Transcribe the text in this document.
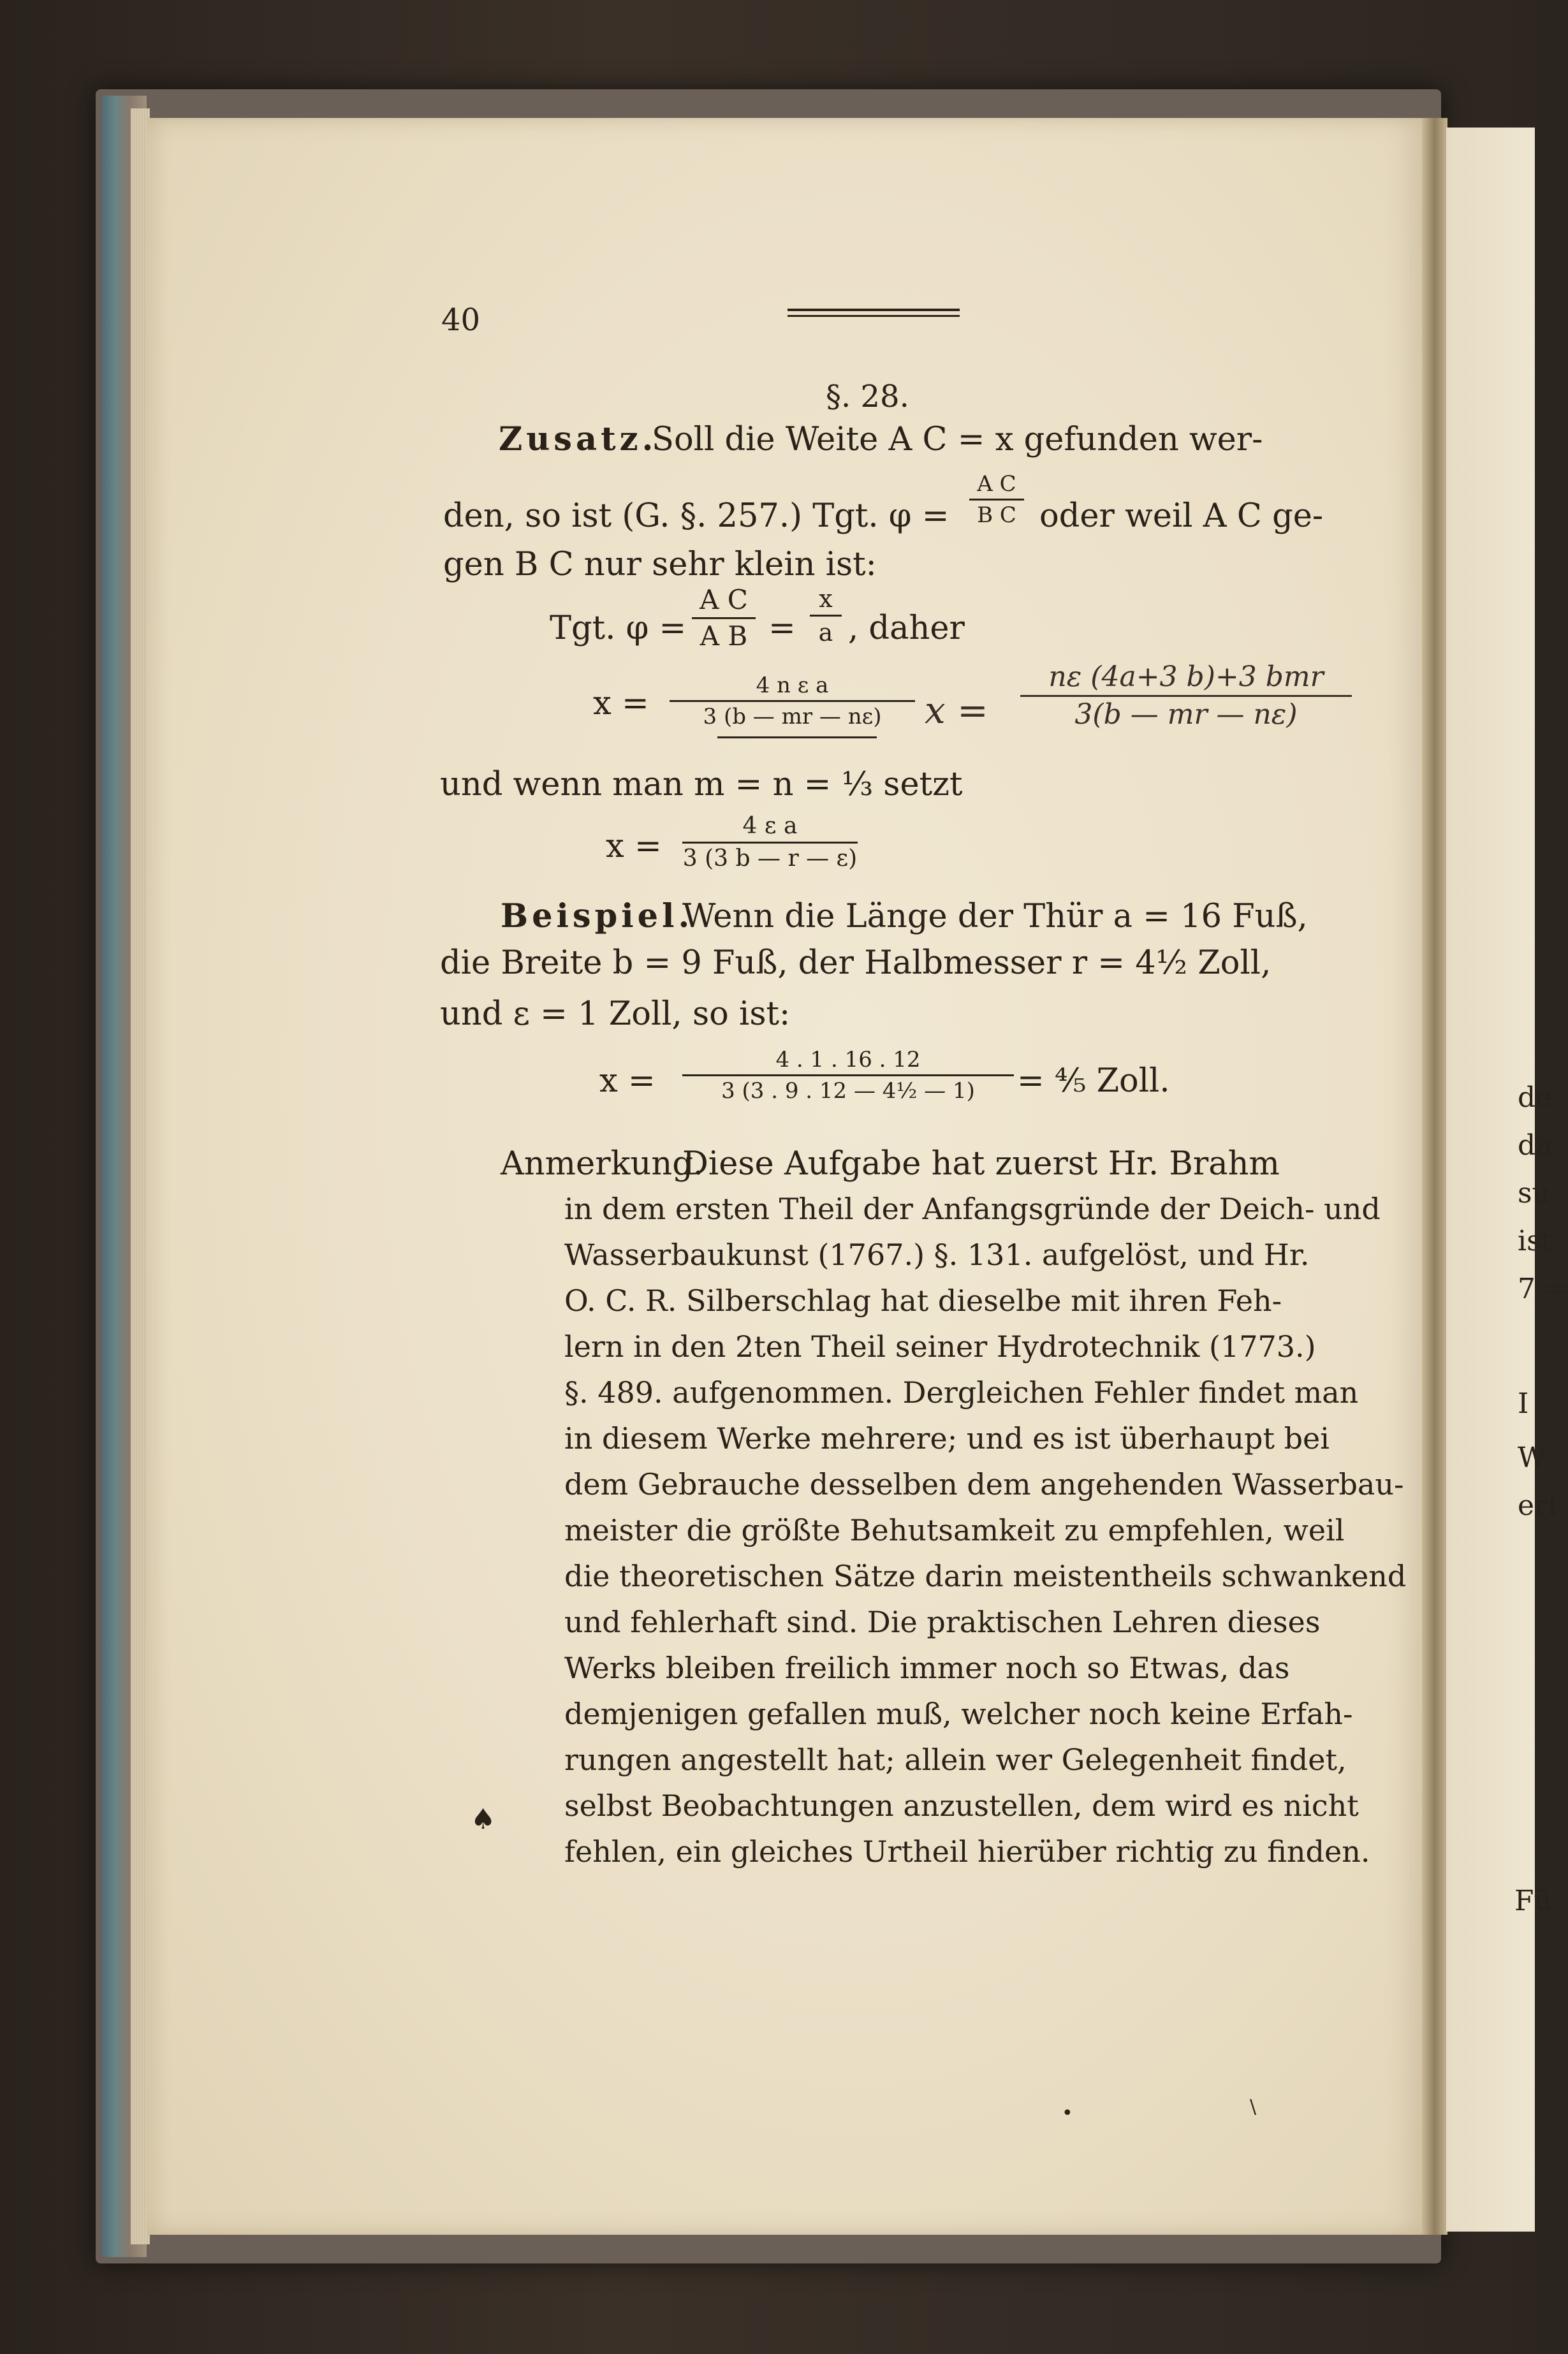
40
§. 28.
Zusatz.
Soll die Weite A C = x gefunden wer-
den, so ist (G. §. 257.) Tgt. φ =
A C
B C oder weil A C ge-
gen B C nur sehr klein ist:
Tgt. φ =
A C
A B =
x
a , daher
x =	4 n ε a
3 (b — mr — nε)	x =
nε (4a+3 b)+3 bmr
3(b — mr — nε)
und wenn man m = n = ⅓ setzt
x =
4 ε a
3 (3 b — r — ε)
Beispiel.
Wenn die Länge der Thür a = 16 Fuß,
die Breite b = 9 Fuß, der Halbmesser r = 4½ Zoll,
und ε = 1 Zoll, so ist:
x =
4 . 1 . 16 . 12
3 (3 . 9 . 12 — 4½ — 1)	= ⅘ Zoll.
Anmerkung.
Diese Aufgabe hat zuerst Hr. Brahm
in dem ersten Theil der Anfangsgründe der Deich- und
Wasserbaukunst (1767.) §. 131. aufgelöst, und Hr.
O. C. R. Silberschlag hat dieselbe mit ihren Feh-
lern in den 2ten Theil seiner Hydrotechnik (1773.)
§. 489. aufgenommen. Dergleichen Fehler findet man
in diesem Werke mehrere; und es ist überhaupt bei
dem Gebrauche desselben dem angehenden Wasserbau-
meister die größte Behutsamkeit zu empfehlen, weil
die theoretischen Sätze darin meistentheils schwankend
und fehlerhaft sind. Die praktischen Lehren dieses
Werks bleiben freilich immer noch so Etwas, das
demjenigen gefallen muß, welcher noch keine Erfah-
rungen angestellt hat; allein wer Gelegenheit findet,
selbst Beobachtungen anzustellen, dem wird es nicht
fehlen, ein gleiches Urtheil hierüber richtig zu finden.
♠
•	\
de
da
su
ist
7 =
I
W
erl
Fü
